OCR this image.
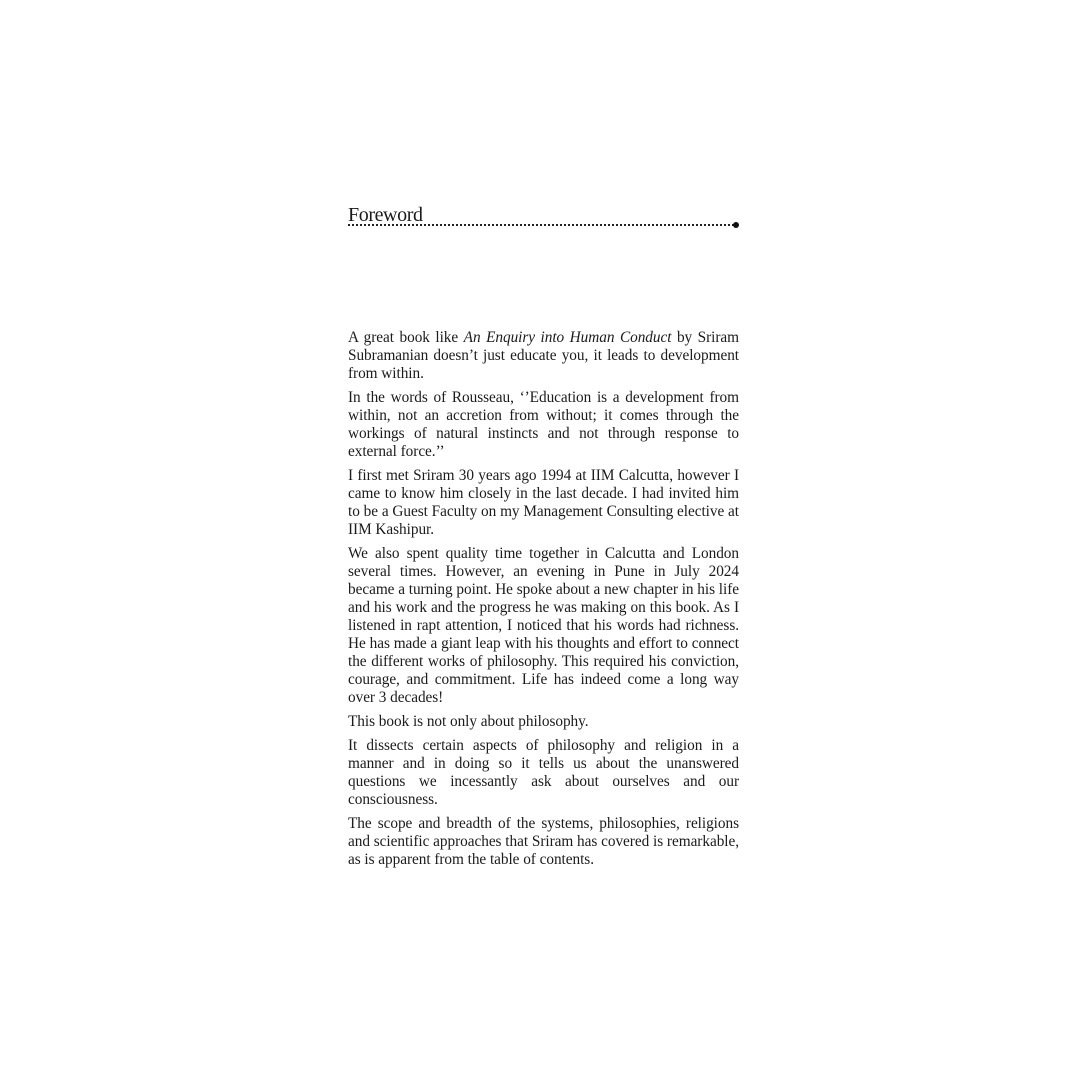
Foreword

A great book like An Enquiry into Human Conduct by Sriram Subramanian doesn’t just educate you, it leads to development from within.

In the words of Rousseau, ‘’Education is a development from within, not an accretion from without; it comes through the workings of natural instincts and not through response to external force.’’

I first met Sriram 30 years ago 1994 at IIM Calcutta, however I came to know him closely in the last decade. I had invited him to be a Guest Faculty on my Management Consulting elective at IIM Kashipur.

We also spent quality time together in Calcutta and London several times. However, an evening in Pune in July 2024 became a turning point. He spoke about a new chapter in his life and his work and the progress he was making on this book. As I listened in rapt attention, I noticed that his words had richness. He has made a giant leap with his thoughts and effort to connect the different works of philosophy. This required his conviction, courage, and commitment. Life has indeed come a long way over 3 decades!

This book is not only about philosophy.

It dissects certain aspects of philosophy and religion in a manner and in doing so it tells us about the unanswered questions we incessantly ask about ourselves and our consciousness.

The scope and breadth of the systems, philosophies, religions and scientific approaches that Sriram has covered is remarkable, as is apparent from the table of contents.
